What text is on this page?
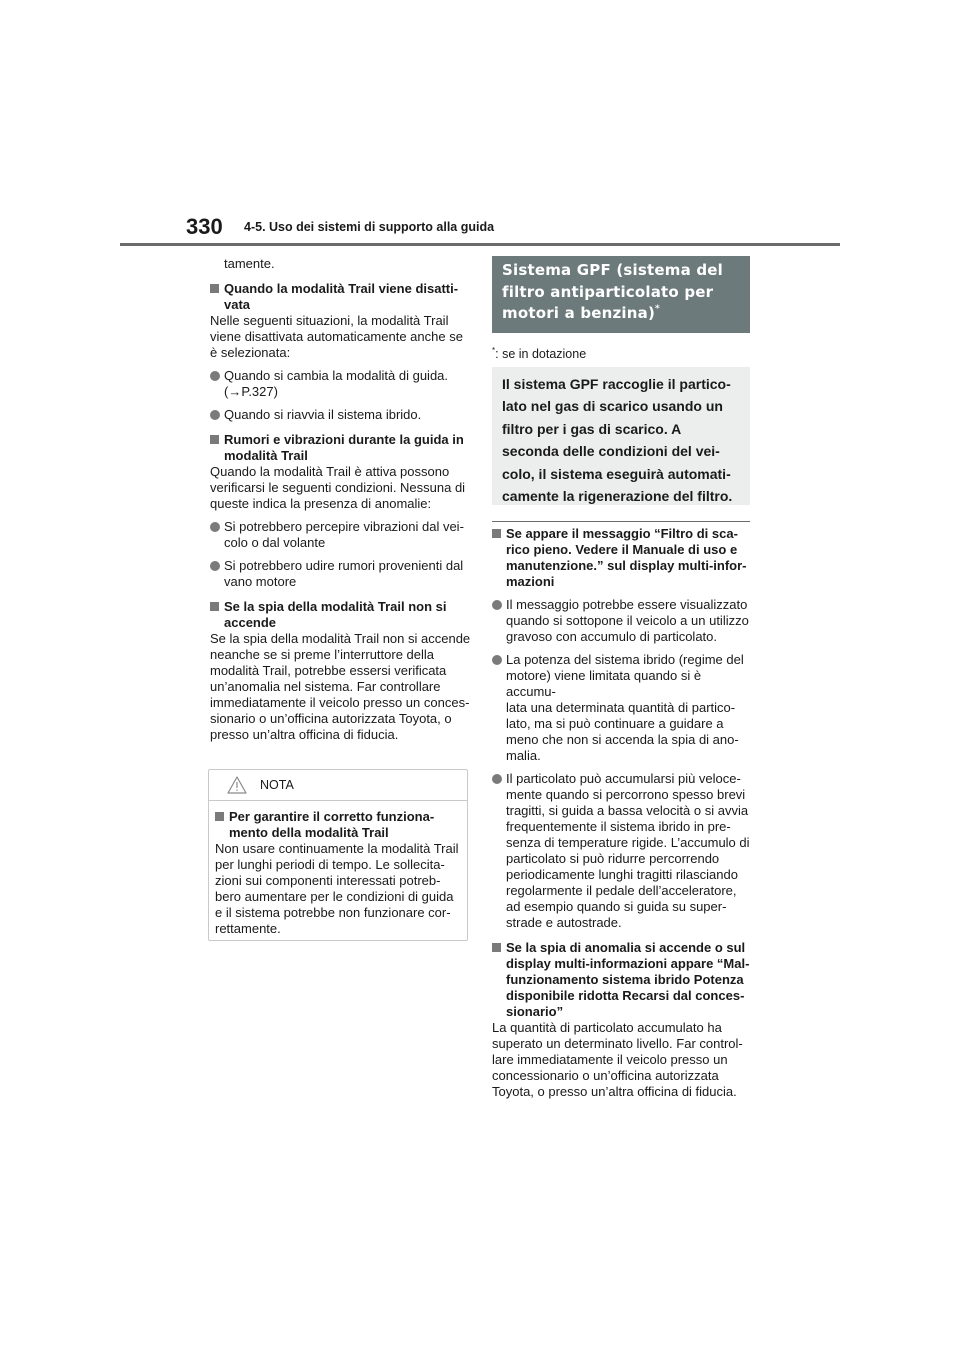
330 4-5. Uso dei sistemi di supporto alla guida

tamente.

Quando la modalità Trail viene disatti-
vata

Nelle seguenti situazioni, la modalità Trail
viene disattivata automaticamente anche se
è selezionata:

Quando si cambia la modalità di guida.
(→P.327)
Quando si riavvia il sistema ibrido.
Rumori e vibrazioni durante la guida in
modalità Trail

Quando la modalità Trail è attiva possono
verificarsi le seguenti condizioni. Nessuna di
queste indica la presenza di anomalie:

Si potrebbero percepire vibrazioni dal vei-
colo o dal volante
Si potrebbero udire rumori provenienti dal
vano motore
Se la spia della modalità Trail non si
accende

Se la spia della modalità Trail non si accende
neanche se si preme l’interruttore della
modalità Trail, potrebbe essersi verificata
un’anomalia nel sistema. Far controllare
immediatamente il veicolo presso un conces-
sionario o un’officina autorizzata Toyota, o
presso un’altra officina di fiducia.

NOTA
Per garantire il corretto funziona-
mento della modalità Trail

Non usare continuamente la modalità Trail
per lunghi periodi di tempo. Le sollecita-
zioni sui componenti interessati potreb-
bero aumentare per le condizioni di guida
e il sistema potrebbe non funzionare cor-
rettamente.

Sistema GPF (sistema del
filtro antiparticolato per
motori a benzina)*
*: se in dotazione
Il sistema GPF raccoglie il partico-
lato nel gas di scarico usando un
filtro per i gas di scarico. A
seconda delle condizioni del vei-
colo, il sistema eseguirà automati-
camente la rigenerazione del filtro.
Se appare il messaggio “Filtro di sca-
rico pieno. Vedere il Manuale di uso e
manutenzione.” sul display multi-infor-
mazioni
Il messaggio potrebbe essere visualizzato
quando si sottopone il veicolo a un utilizzo
gravoso con accumulo di particolato.
La potenza del sistema ibrido (regime del
motore) viene limitata quando si è accumu-
lata una determinata quantità di partico-
lato, ma si può continuare a guidare a
meno che non si accenda la spia di ano-
malia.
Il particolato può accumularsi più veloce-
mente quando si percorrono spesso brevi
tragitti, si guida a bassa velocità o si avvia
frequentemente il sistema ibrido in pre-
senza di temperature rigide. L’accumulo di
particolato si può ridurre percorrendo
periodicamente lunghi tragitti rilasciando
regolarmente il pedale dell’acceleratore,
ad esempio quando si guida su super-
strade e autostrade.
Se la spia di anomalia si accende o sul
display multi-informazioni appare “Mal-
funzionamento sistema ibrido Potenza
disponibile ridotta Recarsi dal conces-
sionario”

La quantità di particolato accumulato ha
superato un determinato livello. Far control-
lare immediatamente il veicolo presso un
concessionario o un’officina autorizzata
Toyota, o presso un’altra officina di fiducia.
